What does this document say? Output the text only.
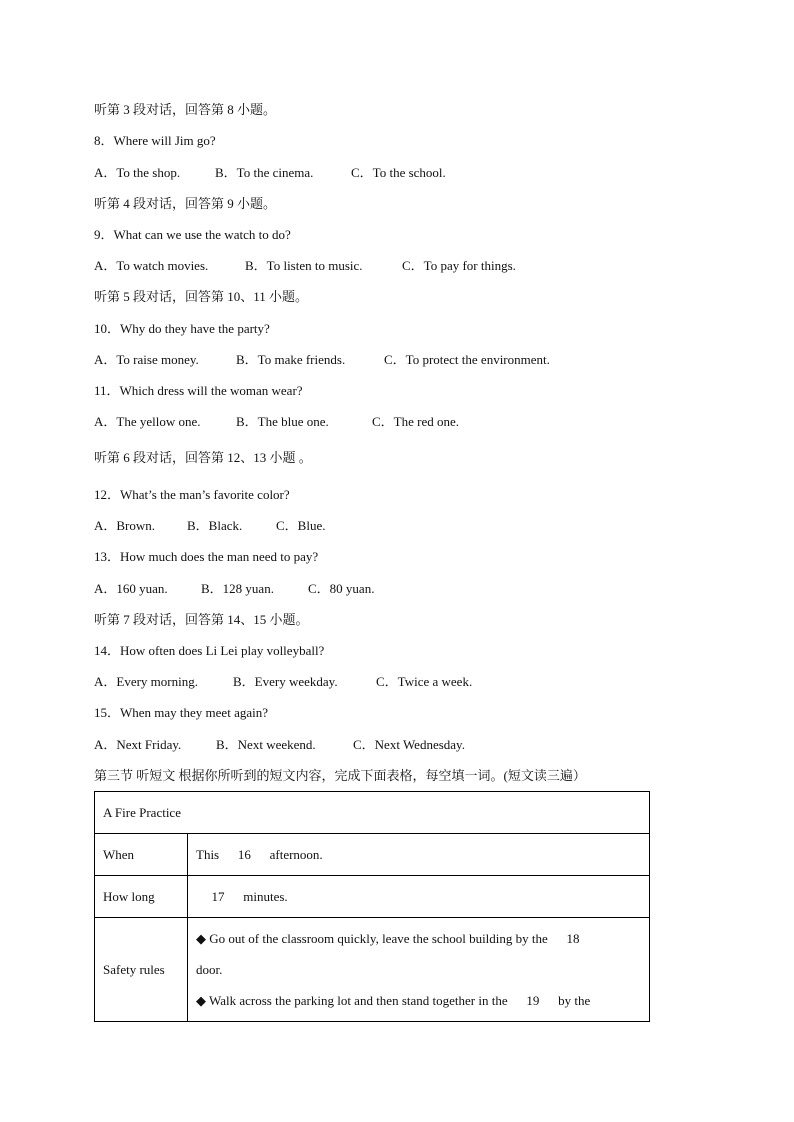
听第 3 段对话，回答第 8 小题。
8．Where will Jim go?
A．To the shop.	B．To the cinema.	C．To the school.
听第 4 段对话，回答第 9 小题。
9．What can we use the watch to do?
A．To watch movies.	B．To listen to music.	C．To pay for things.
听第 5 段对话，回答第 10、11 小题。
10．Why do they have the party?
A．To raise money.	B．To make friends.	C．To protect the environment.
11．Which dress will the woman wear?
A．The yellow one.	B．The blue one.	C．The red one.
听第 6 段对话，回答第 12、13 小题 。
12．What’s the man’s favorite color?
A．Brown. B．Black.	C．Blue.
13．How much does the man need to pay?
A．160 yuan.	B．128 yuan.	C．80 yuan.
听第 7 段对话，回答第 14、15 小题。
14．How often does Li Lei play volleyball?
A．Every morning.	B．Every weekday.	C．Twice a week.
15．When may they meet again?
A．Next Friday.	B．Next weekend.	C．Next Wednesday.
第三节 听短文 根据你所听到的短文内容，完成下面表格，每空填一词。(短文读三遍）
A Fire Practice	
When	This 16 afternoon.
How long	17 minutes.
Safety rules	◆ Go out of the classroom quickly, leave the school building by the 18
door.
◆ Walk across the parking lot and then stand together in the 19 by the
